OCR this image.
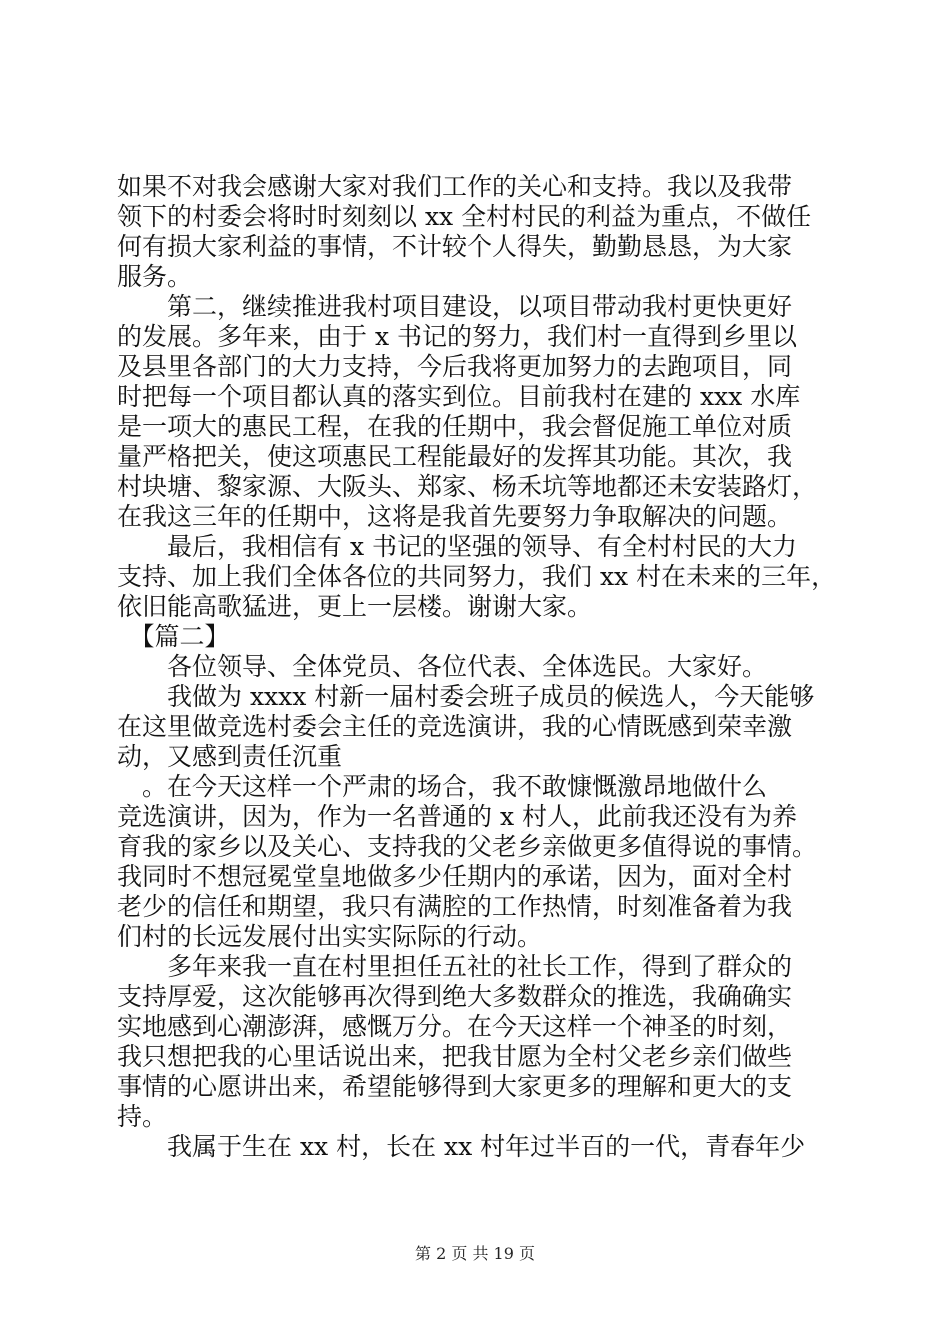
如果不对我会感谢大家对我们工作的关心和支持。我以及我带
领下的村委会将时时刻刻以 xx 全村村民的利益为重点，不做任
何有损大家利益的事情，不计较个人得失，勤勤恳恳，为大家
服务。
　　第二，继续推进我村项目建设，以项目带动我村更快更好
的发展。多年来，由于 x 书记的努力，我们村一直得到乡里以
及县里各部门的大力支持，今后我将更加努力的去跑项目，同
时把每一个项目都认真的落实到位。目前我村在建的 xxx 水库
是一项大的惠民工程，在我的任期中，我会督促施工单位对质
量严格把关，使这项惠民工程能最好的发挥其功能。其次，我
村块塘、黎家源、大阪头、郑家、杨禾坑等地都还未安装路灯，
在我这三年的任期中，这将是我首先要努力争取解决的问题。
　　最后，我相信有 x 书记的坚强的领导、有全村村民的大力
支持、加上我们全体各位的共同努力，我们 xx 村在未来的三年，
依旧能高歌猛进，更上一层楼。谢谢大家。
　【篇二】
　　各位领导、全体党员、各位代表、全体选民。大家好。
　　我做为 xxxx 村新一届村委会班子成员的候选人，今天能够
在这里做竞选村委会主任的竞选演讲，我的心情既感到荣幸激
动，又感到责任沉重
　。在今天这样一个严肃的场合，我不敢慷慨激昂地做什么
竞选演讲，因为，作为一名普通的 x 村人，此前我还没有为养
育我的家乡以及关心、支持我的父老乡亲做更多值得说的事情。
我同时不想冠冕堂皇地做多少任期内的承诺，因为，面对全村
老少的信任和期望，我只有满腔的工作热情，时刻准备着为我
们村的长远发展付出实实际际的行动。
　　多年来我一直在村里担任五社的社长工作，得到了群众的
支持厚爱，这次能够再次得到绝大多数群众的推选，我确确实
实地感到心潮澎湃，感慨万分。在今天这样一个神圣的时刻，
我只想把我的心里话说出来，把我甘愿为全村父老乡亲们做些
事情的心愿讲出来，希望能够得到大家更多的理解和更大的支
持。
　　我属于生在 xx 村，长在 xx 村年过半百的一代，青春年少
第 2 页 共 19 页
